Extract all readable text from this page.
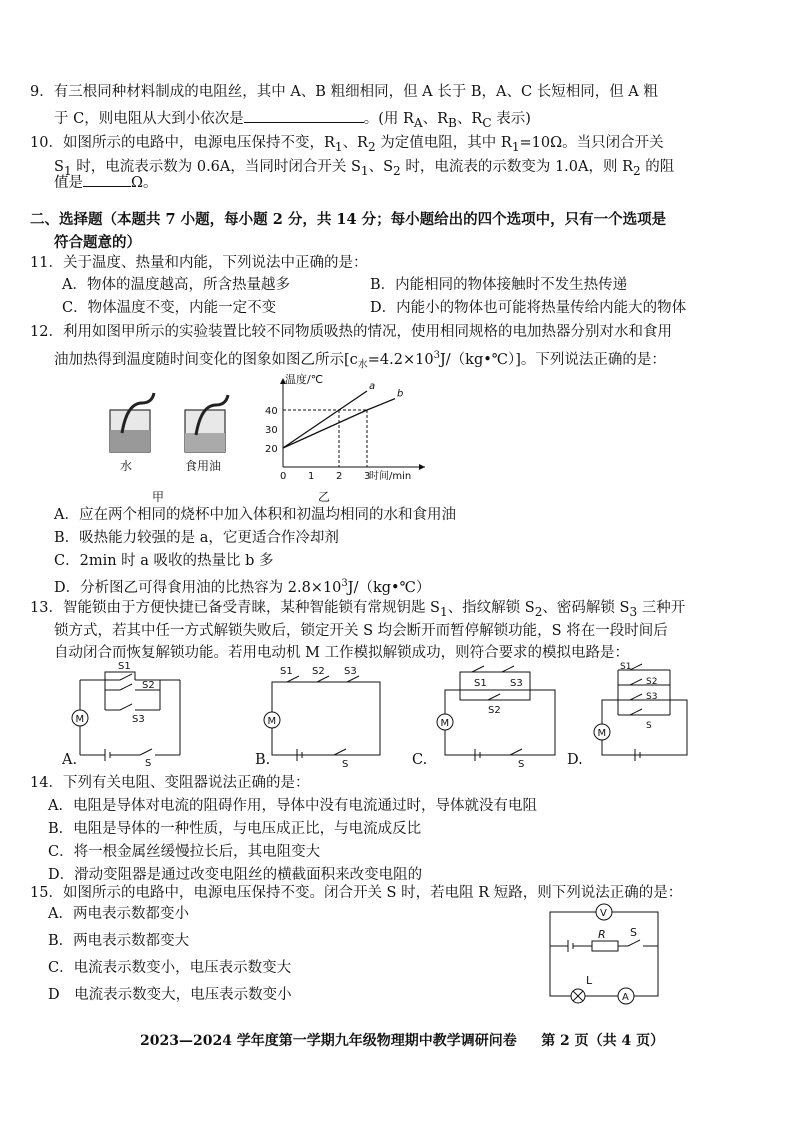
9．有三根同种材料制成的电阻丝，其中 A、B 粗细相同，但 A 长于 B，A、C 长短相同，但 A 粗
于 C，则电阻从大到小依次是	。(用 $R_A$、$R_B$、$R_C$ 表示)
10．如图所示的电路中，电源电压保持不变，$R_1$、$R_2$ 为定值电阻，其中 $R_1=10\Omega$。当只闭合开关
$S_1$ 时，电流表示数为 0.6A，当同时闭合开关 $S_1$、$S_2$ 时，电流表的示数变为 1.0A，则 $R_2$ 的阻
值是	Ω。
二、选择题（本题共 7 小题，每小题 2 分，共 14 分；每小题给出的四个选项中，只有一个选项是
符合题意的）
11．关于温度、热量和内能，下列说法中正确的是：
A．物体的温度越高，所含热量越多	B．内能相同的物体接触时不发生热传递
C．物体温度不变，内能一定不变	D．内能小的物体也可能将热量传给内能大的物体
12．利用如图甲所示的实验装置比较不同物质吸热的情况，使用相同规格的电加热器分别对水和食用
油加热得到温度随时间变化的图象如图乙所示$[c_水=4.2\times 10^3J/(kg•℃)]$。下列说法正确的是：
水	食用油
甲
温度/℃
时间/min
0 1 2 3
20
30
40
a
b
乙
A．应在两个相同的烧杯中加入体积和初温均相同的水和食用油
B．吸热能力较强的是 a，它更适合作冷却剂
C．2min 时 a 吸收的热量比 b 多
D．分析图乙可得食用油的比热容为 $2.8\times 10^3J/(kg•℃)$
13．智能锁由于方便快捷已备受青睐，某种智能锁有常规钥匙 $S_1$、指纹解锁 $S_2$、密码解锁 $S_3$ 三种开
锁方式，若其中任一方式解锁失败后，锁定开关 S 均会断开而暂停解锁功能，S 将在一段时间后
自动闭合而恢复解锁功能。若用电动机 M 工作模拟解锁成功，则符合要求的模拟电路是：
M
S1
S2
S3
S
A.
M
S1 S2 S3
S
B.
M
S1
S2
S3
S
C.
M
S1
S2
S3
S
D.
14．下列有关电阻、变阻器说法正确的是：
A．电阻是导体对电流的阻碍作用，导体中没有电流通过时，导体就没有电阻
B．电阻是导体的一种性质，与电压成正比，与电流成反比
C．将一根金属丝缓慢拉长后，其电阻变大
D．滑动变阻器是通过改变电阻丝的横截面积来改变电阻的
15．如图所示的电路中，电源电压保持不变。闭合开关 S 时，若电阻 R 短路，则下列说法正确的是：
A．两电表示数都变小
B．两电表示数都变大
C．电流表示数变小，电压表示数变大
D　电流表示数变大，电压表示数变小
V
R S
L
A
2023—2024 学年度第一学期九年级物理期中教学调研问卷 第 2 页（共 4 页）
